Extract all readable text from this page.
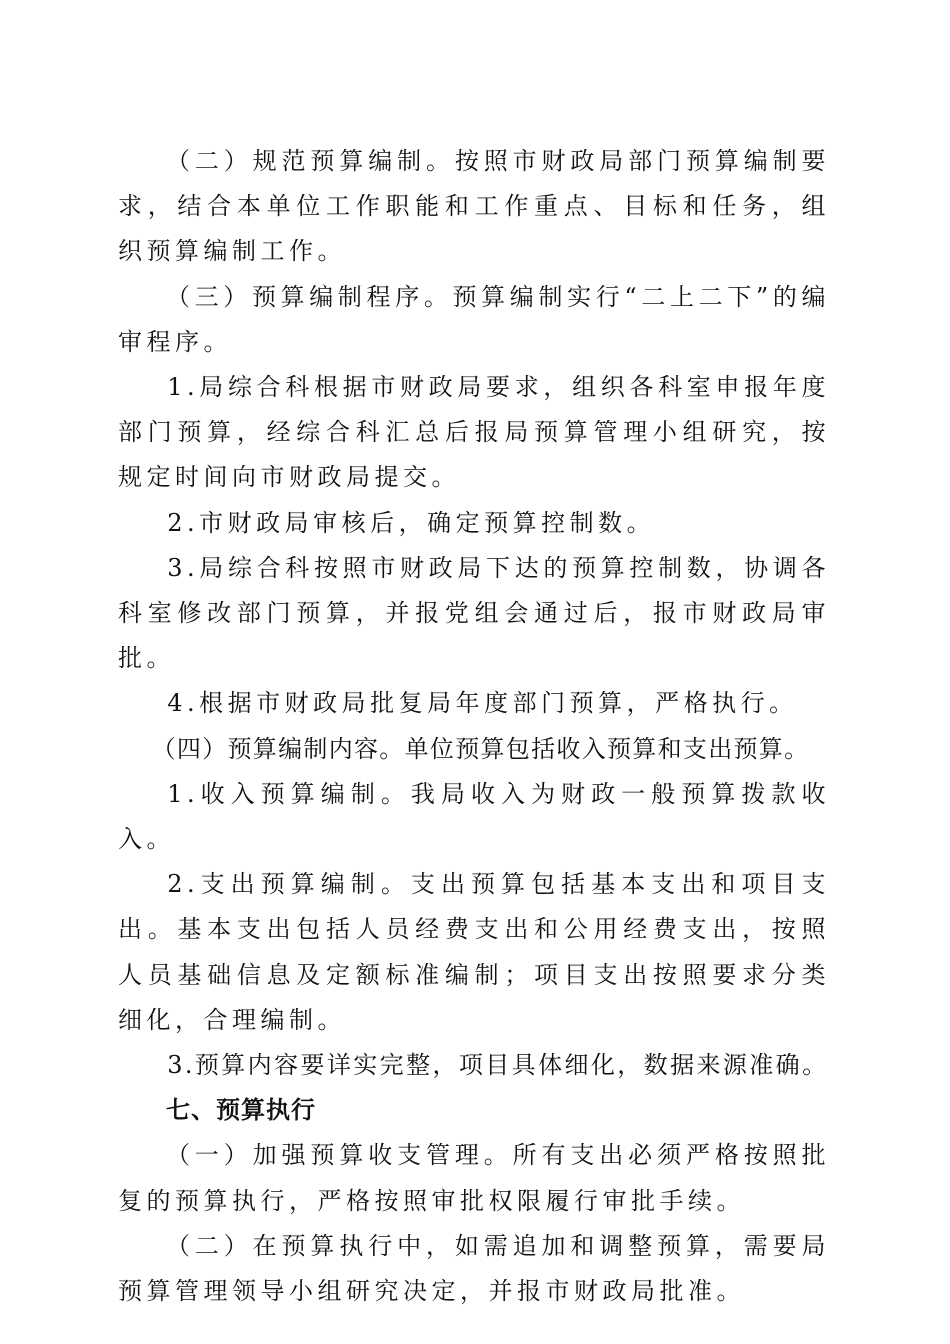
（二）规范预算编制。按照市财政局部门预算编制要求，结合本单位工作职能和工作重点、目标和任务，组织预算编制工作。

（三）预算编制程序。预算编制实行“二上二下”的编审程序。

1.局综合科根据市财政局要求，组织各科室申报年度部门预算，经综合科汇总后报局预算管理小组研究，按规定时间向市财政局提交。

2.市财政局审核后，确定预算控制数。

3.局综合科按照市财政局下达的预算控制数，协调各科室修改部门预算，并报党组会通过后，报市财政局审批。

4.根据市财政局批复局年度部门预算，严格执行。

（四）预算编制内容。单位预算包括收入预算和支出预算。

1.收入预算编制。我局收入为财政一般预算拨款收入。

2.支出预算编制。支出预算包括基本支出和项目支出。基本支出包括人员经费支出和公用经费支出，按照人员基础信息及定额标准编制；项目支出按照要求分类细化，合理编制。

3.预算内容要详实完整，项目具体细化，数据来源准确。

七、预算执行

（一）加强预算收支管理。所有支出必须严格按照批复的预算执行，严格按照审批权限履行审批手续。

（二）在预算执行中，如需追加和调整预算，需要局预算管理领导小组研究决定，并报市财政局批准。
